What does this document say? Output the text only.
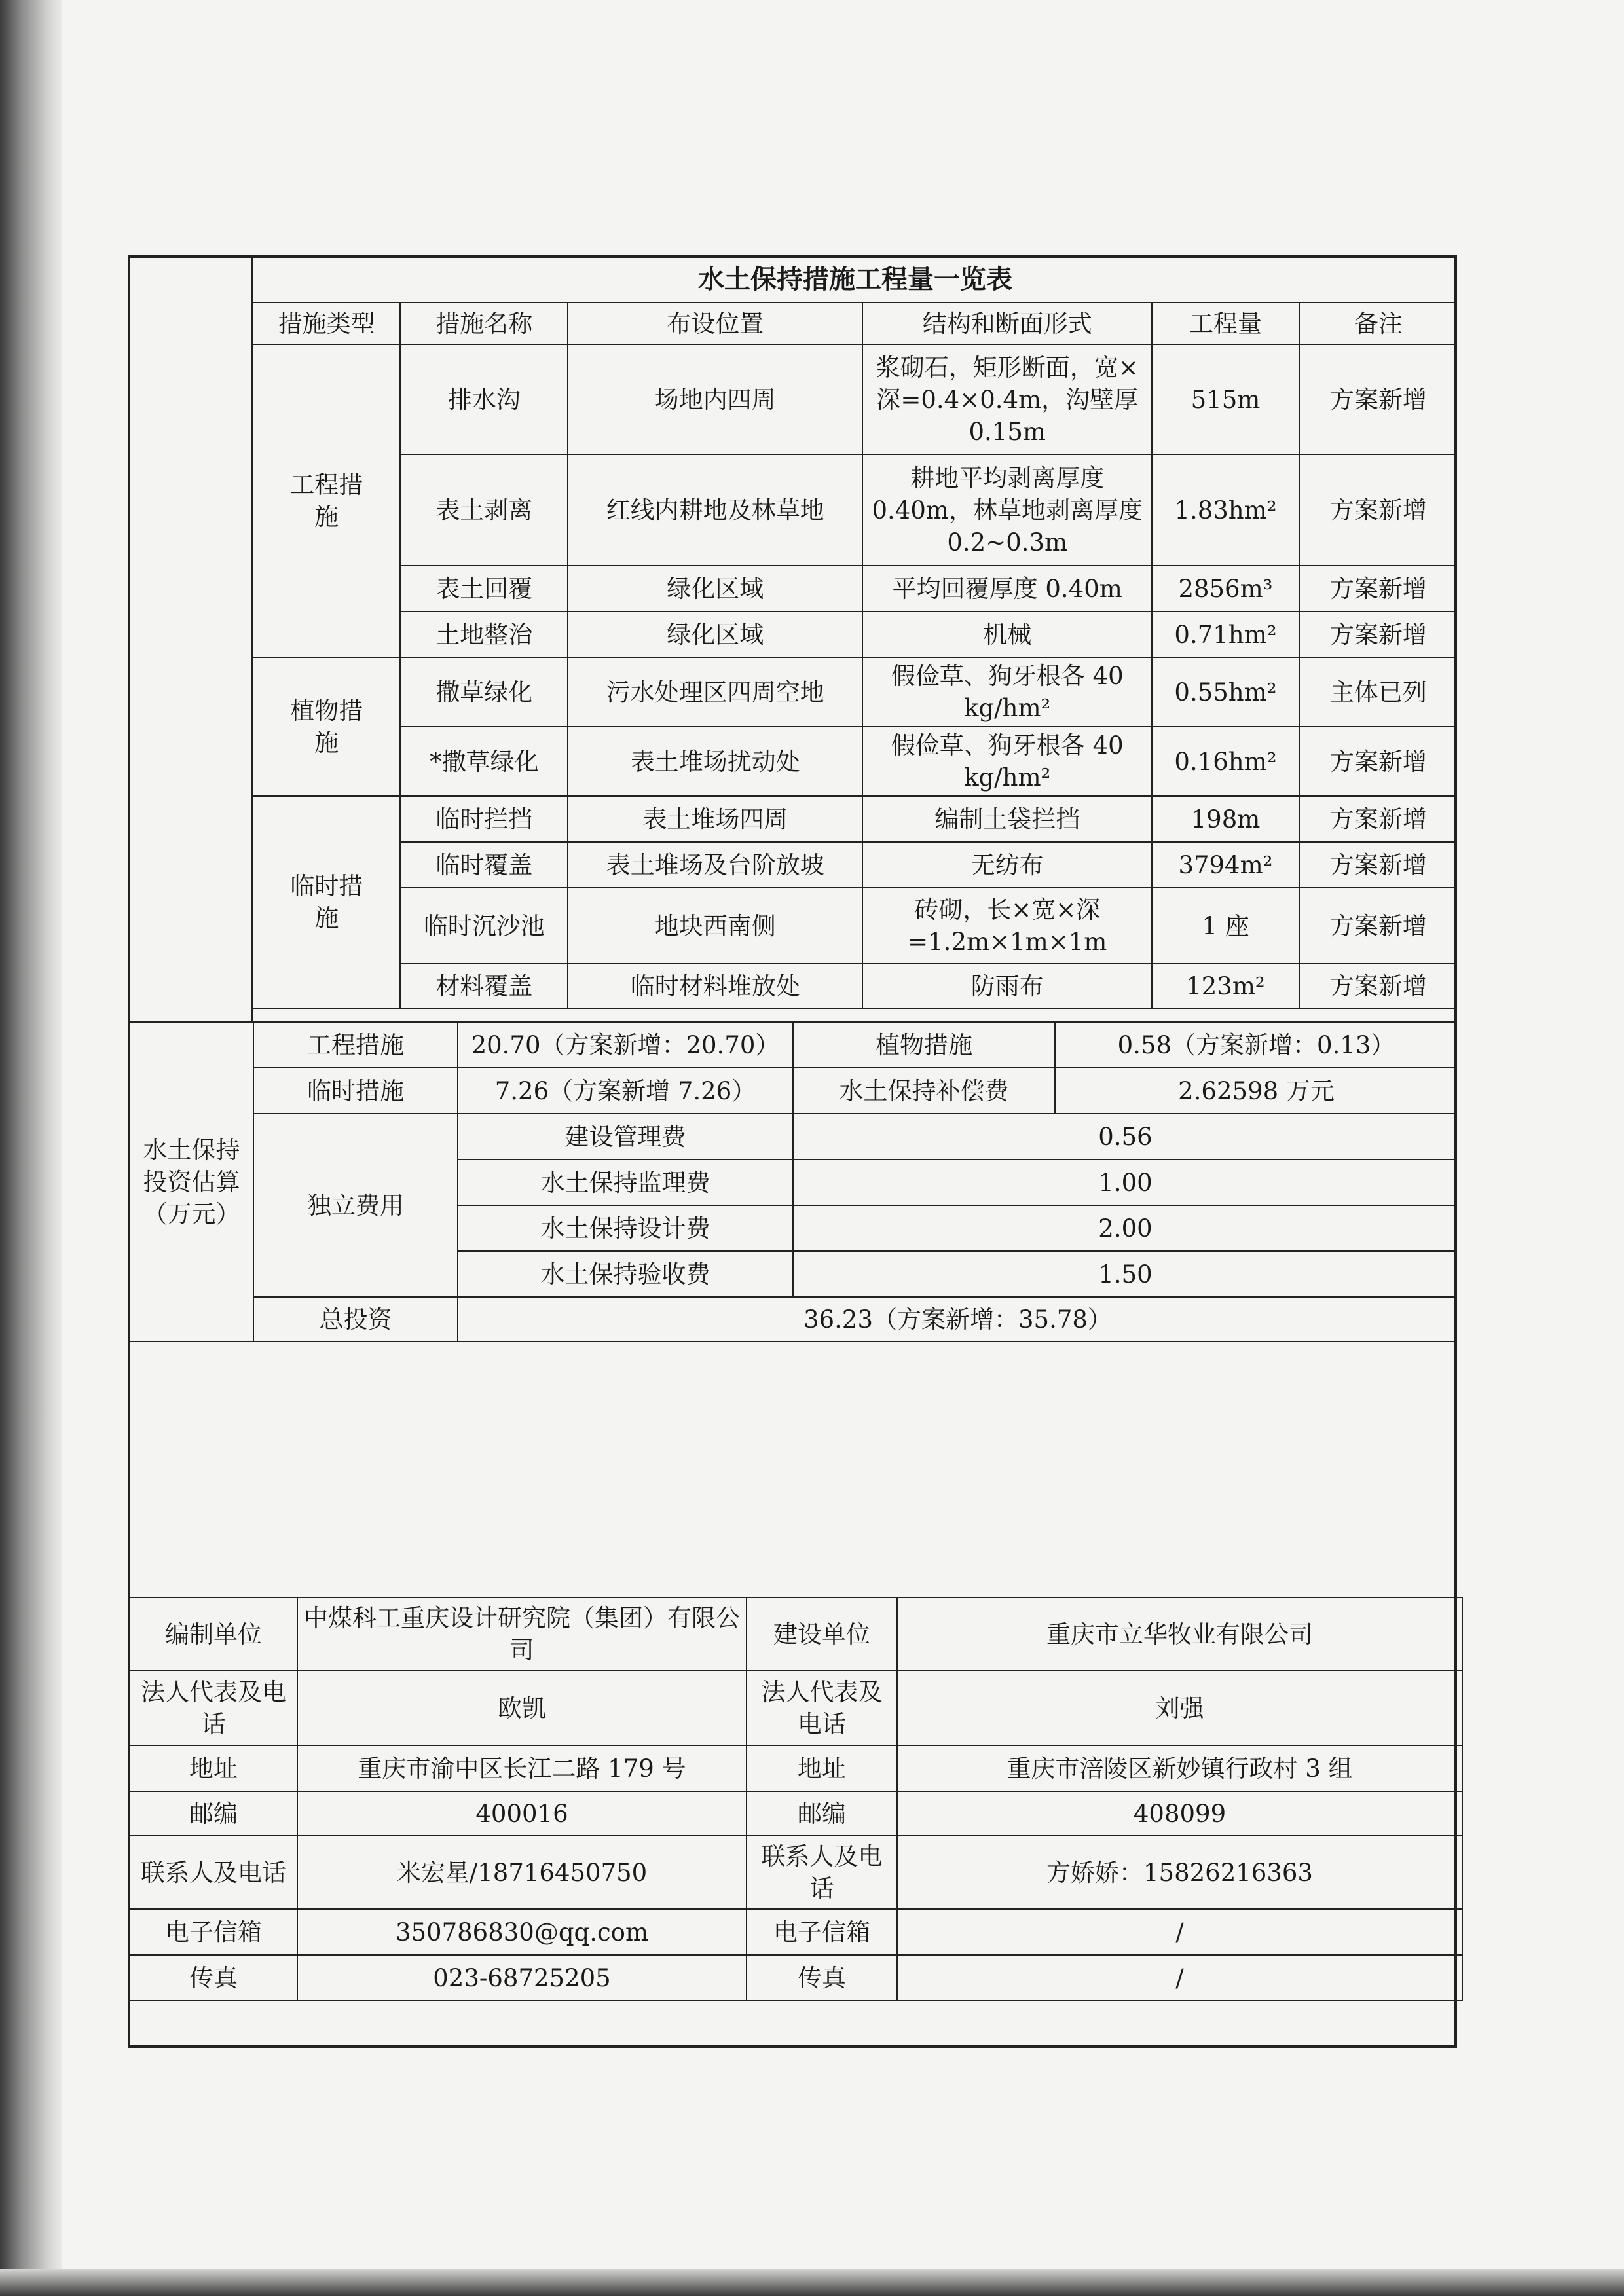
水土保持措施工程量一览表					
措施类型	措施名称	布设位置	结构和断面形式	工程量	备注
工程措施	排水沟	场地内四周	浆砌石，矩形断面，宽×深=0.4×0.4m，沟壁厚 0.15m	515m	方案新增
	表土剥离	红线内耕地及林草地	耕地平均剥离厚度 0.40m，林草地剥离厚度 0.2~0.3m	1.83hm²	方案新增
	表土回覆	绿化区域	平均回覆厚度 0.40m	2856m³	方案新增
	土地整治	绿化区域	机械	0.71hm²	方案新增
植物措施	撒草绿化	污水处理区四周空地	假俭草、狗牙根各 40 kg/hm²	0.55hm²	主体已列
	*撒草绿化	表土堆场扰动处	假俭草、狗牙根各 40 kg/hm²	0.16hm²	方案新增
临时措施	临时拦挡	表土堆场四周	编制土袋拦挡	198m	方案新增
	临时覆盖	表土堆场及台阶放坡	无纺布	3794m²	方案新增
	临时沉沙池	地块西南侧	砖砌，长×宽×深 =1.2m×1m×1m	1 座	方案新增
	材料覆盖	临时材料堆放处	防雨布	123m²	方案新增
水土保持投资估算（万元）	工程措施	20.70（方案新增：20.70）	植物措施	0.58（方案新增：0.13）
	临时措施	7.26（方案新增 7.26）	水土保持补偿费	2.62598 万元
	独立费用	建设管理费	0.56	
		水土保持监理费	1.00	
		水土保持设计费	2.00	
		水土保持验收费	1.50	
	总投资	36.23（方案新增：35.78）		
编制单位	中煤科工重庆设计研究院（集团）有限公司	建设单位	重庆市立华牧业有限公司
法人代表及电话	欧凯	法人代表及电话	刘强
地址	重庆市渝中区长江二路 179 号	地址	重庆市涪陵区新妙镇行政村 3 组
邮编	400016	邮编	408099
联系人及电话	米宏星/18716450750	联系人及电话	方娇娇：15826216363
电子信箱	350786830@qq.com	电子信箱	/
传真	023-68725205	传真	/
